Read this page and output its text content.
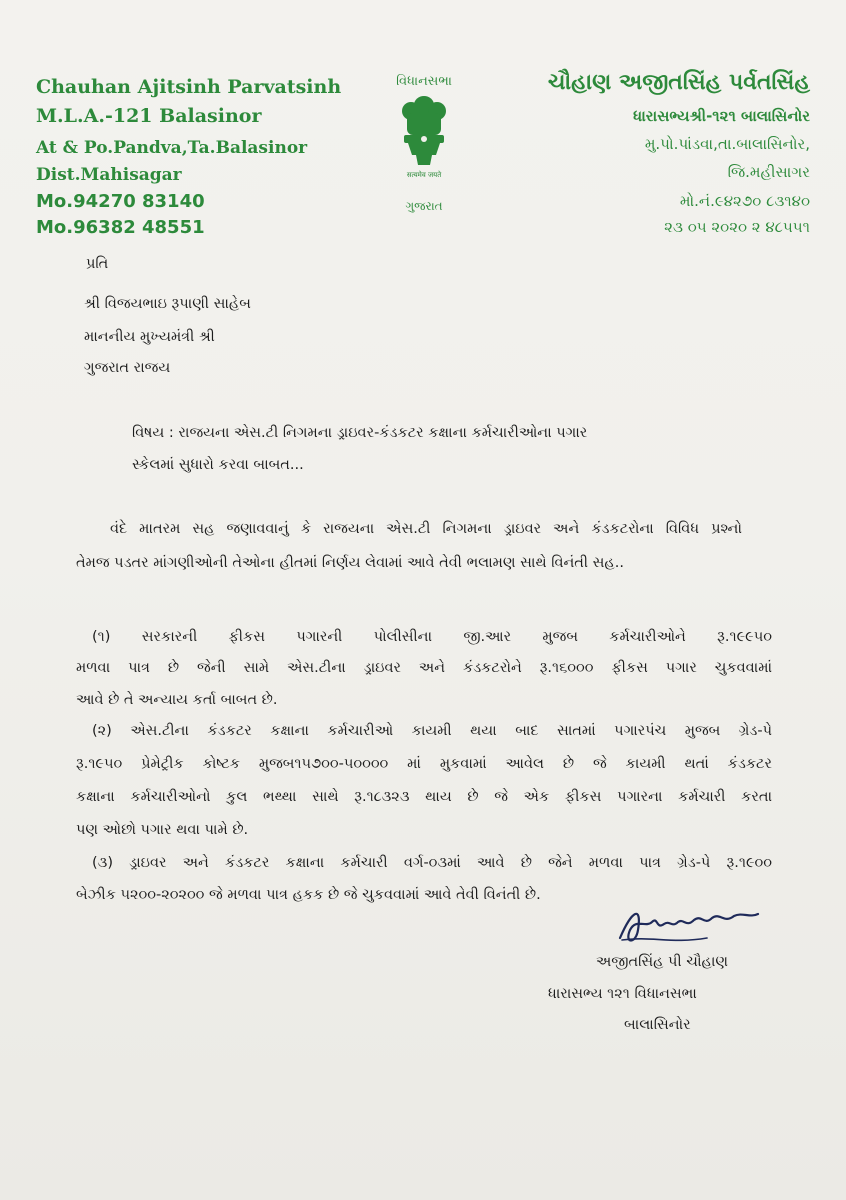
Chauhan Ajitsinh Parvatsinh
M.L.A.-121 Balasinor
At & Po.Pandva,Ta.Balasinor
Dist.Mahisagar
Mo.94270 83140
Mo.96382 48551
વિધાનસભા
सत्यमेव जयते
ગુજરાત
ચૌહાણ અજીતસિંહ પર્વતસિંહ
ધારાસભ્યશ્રી-૧૨૧ બાલાસિનોર
મુ.પો.પાંડવા,તા.બાલાસિનોર,
જિ.મહીસાગર
મો.નં.૯૪૨૭૦ ૮૩૧૪૦
૨૩ ૦૫ ૨૦૨૦ ૨ ૪૮૫૫૧
પ્રતિ
શ્રી વિજયભાઇ રૂપાણી સાહેબ
માનનીય મુખ્યમંત્રી શ્રી
ગુજરાત રાજય
વિષય : રાજયના એસ.ટી નિગમના ડ્રાઇવર-કંડકટર કક્ષાના કર્મચારીઓના પગાર
સ્કેલમાં સુધારો કરવા બાબત...
વંદે માતરમ સહ જણાવવાનું કે રાજયના એસ.ટી નિગમના ડ્રાઇવર અને કંડકટરોના વિવિધ પ્રશ્નો
તેમજ પડતર માંગણીઓની તેઓના હીતમાં નિર્ણય લેવામાં આવે તેવી ભલામણ સાથે વિનંતી સહ..
(૧) સરકારની ફીકસ પગારની પોલીસીના જી.આર મુજબ કર્મચારીઓને રૂ.૧૯૯૫૦
મળવા પાત્ર છે જેની સામે એસ.ટીના ડ્રાઇવર અને કંડકટરોને રૂ.૧૬૦૦૦ ફીકસ પગાર ચુકવવામાં
આવે છે તે અન્યાય કર્તા બાબત છે.
(૨) એસ.ટીના કંડકટર કક્ષાના કર્મચારીઓ કાયમી થયા બાદ સાતમાં પગારપંચ મુજબ ગ્રેડ-પે
રૂ.૧૯૫૦ પ્રેમેટ્રીક કોષ્ટક મુજબ૧૫૭૦૦-૫૦૦૦૦ માં મુકવામાં આવેલ છે જે કાયમી થતાં કંડકટર
કક્ષાના કર્મચારીઓનો કુલ ભથ્થા સાથે રૂ.૧૮૩૨૩ થાય છે જે એક ફીકસ પગારના કર્મચારી કરતા
પણ ઓછો પગાર થવા પામે છે.
(૩) ડ્રાઇવર અને કંડકટર કક્ષાના કર્મચારી વર્ગ-૦૩માં આવે છે જેને મળવા પાત્ર ગ્રેડ-પે રૂ.૧૯૦૦
બેઝીક ૫૨૦૦-૨૦૨૦૦ જે મળવા પાત્ર હકક છે જે ચુકવવામાં આવે તેવી વિનંતી છે.
અજીતસિંહ પી ચૌહાણ
ધારાસભ્ય ૧૨૧ વિધાનસભા
બાલાસિનોર
